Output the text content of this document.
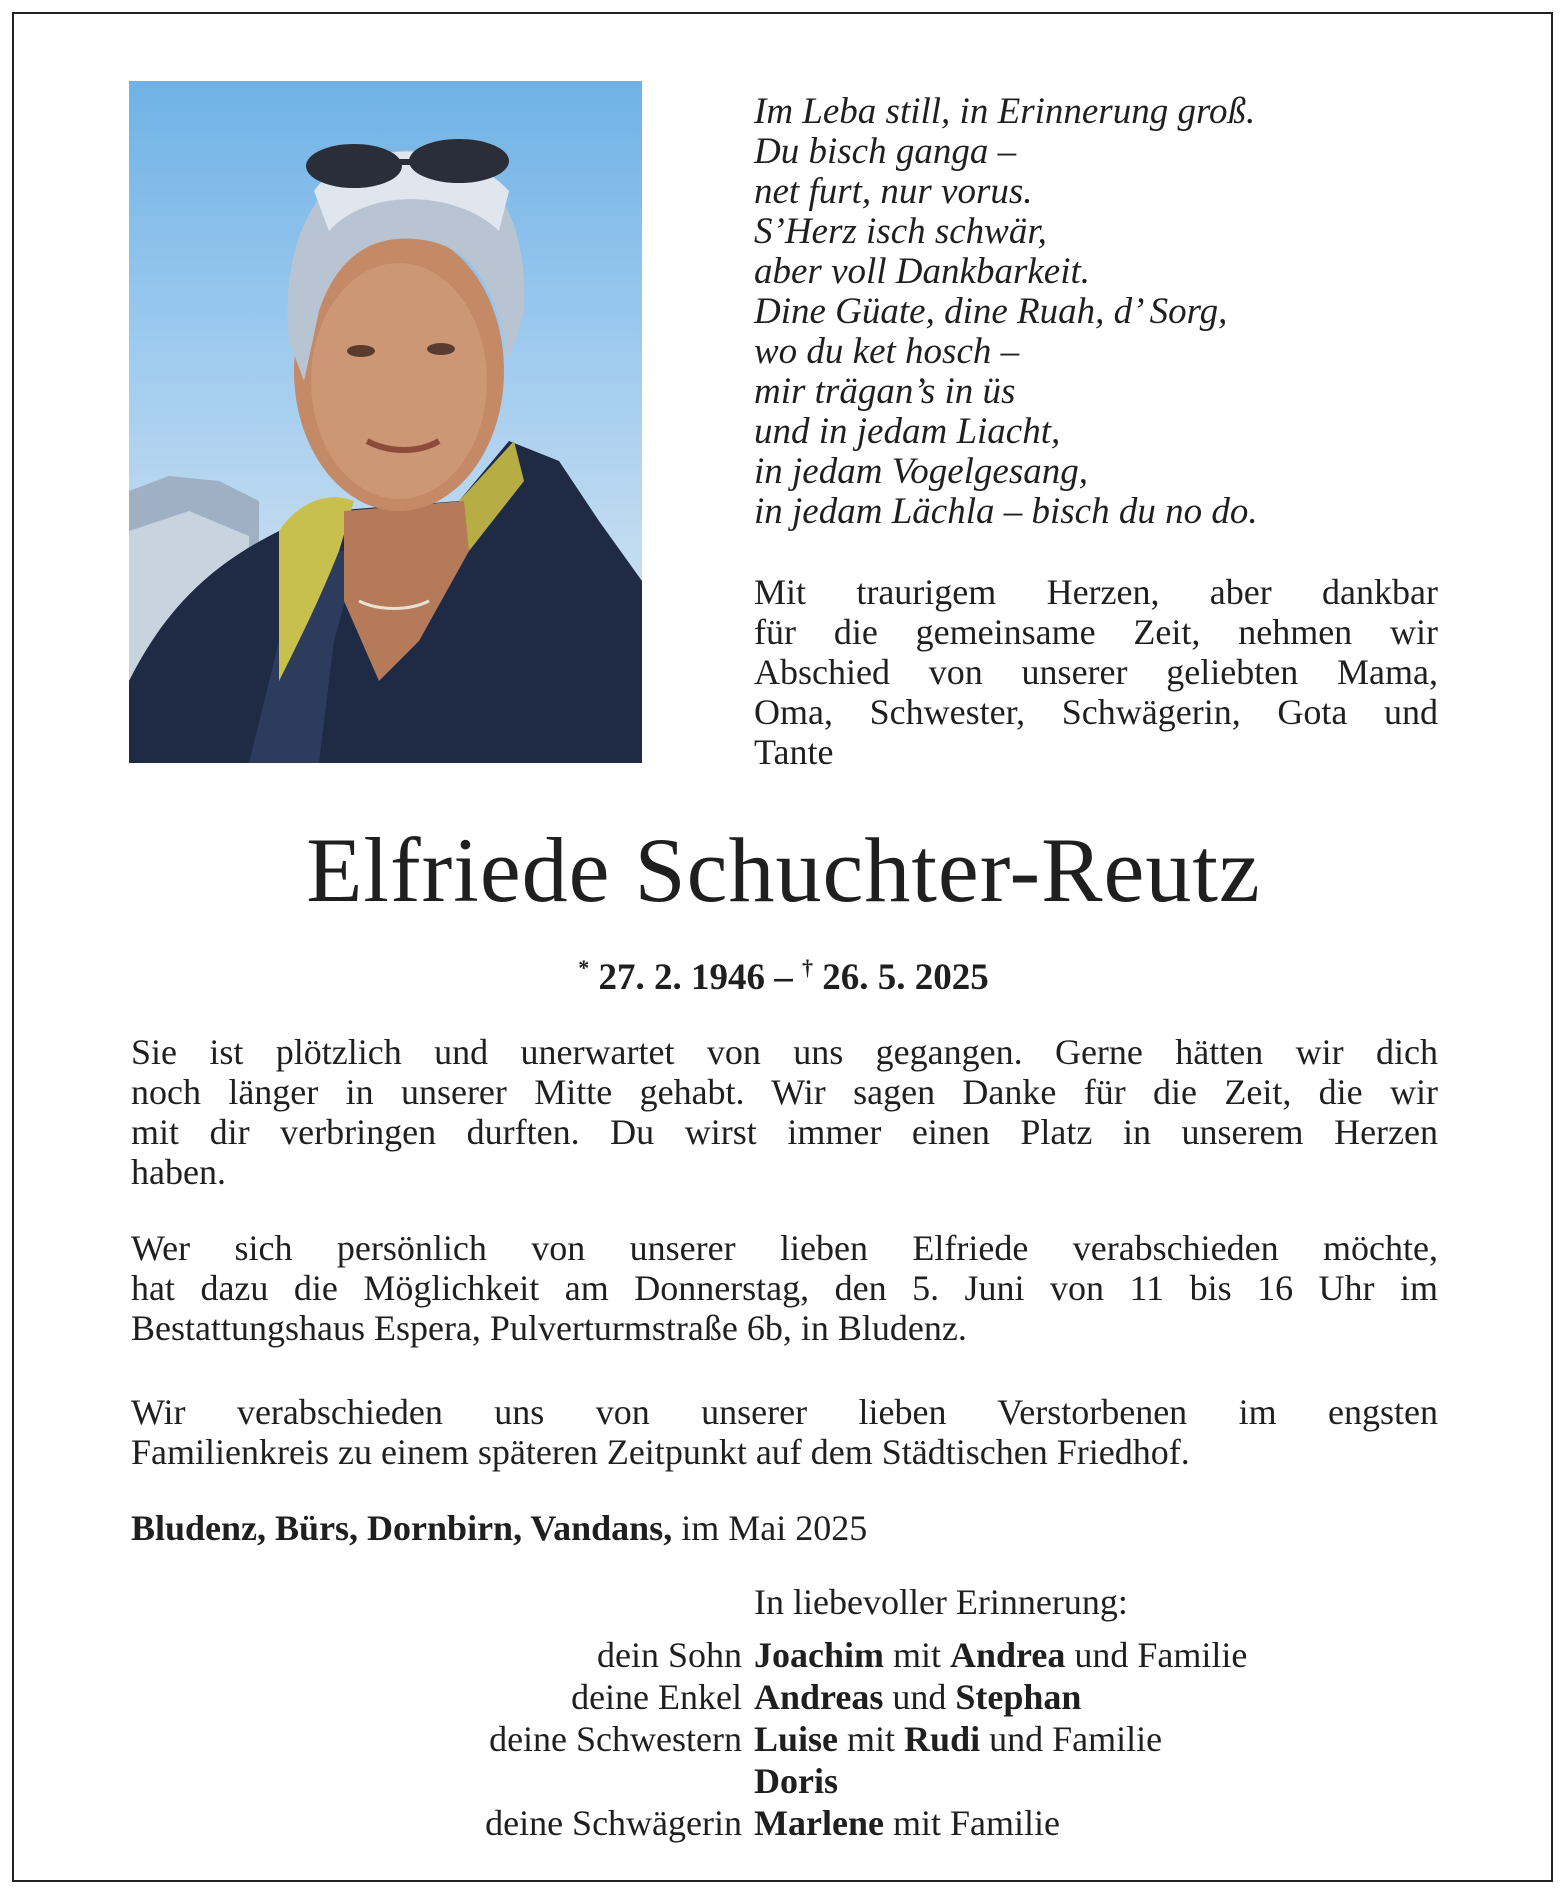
Im Leba still, in Erinnerung groß.
Du bisch ganga –
net furt, nur vorus.
S’Herz isch schwär,
aber voll Dankbarkeit.
Dine Güate, dine Ruah, d’ Sorg,
wo du ket hosch –
mir trägan’s in üs
und in jedam Liacht,
in jedam Vogelgesang,
in jedam Lächla – bisch du no do.
Mit traurigem Herzen, aber dankbar
für die gemeinsame Zeit, nehmen wir
Abschied von unserer geliebten Mama,
Oma, Schwester, Schwägerin, Gota und
Tante
Elfriede Schuchter-Reutz
* 27. 2. 1946 – † 26. 5. 2025
Sie ist plötzlich und unerwartet von uns gegangen. Gerne hätten wir dich
noch länger in unserer Mitte gehabt. Wir sagen Danke für die Zeit, die wir
mit dir verbringen durften. Du wirst immer einen Platz in unserem Herzen
haben.
Wer sich persönlich von unserer lieben Elfriede verabschieden möchte,
hat dazu die Möglichkeit am Donnerstag, den 5. Juni von 11 bis 16 Uhr im
Bestattungshaus Espera, Pulverturmstraße 6b, in Bludenz.
Wir verabschieden uns von unserer lieben Verstorbenen im engsten
Familienkreis zu einem späteren Zeitpunkt auf dem Städtischen Friedhof.
Bludenz, Bürs, Dornbirn, Vandans, im Mai 2025
In liebevoller Erinnerung:
dein Sohn Joachim mit Andrea und Familie
deine Enkel Andreas und Stephan
deine Schwestern Luise mit Rudi und Familie
Doris
deine Schwägerin Marlene mit Familie
